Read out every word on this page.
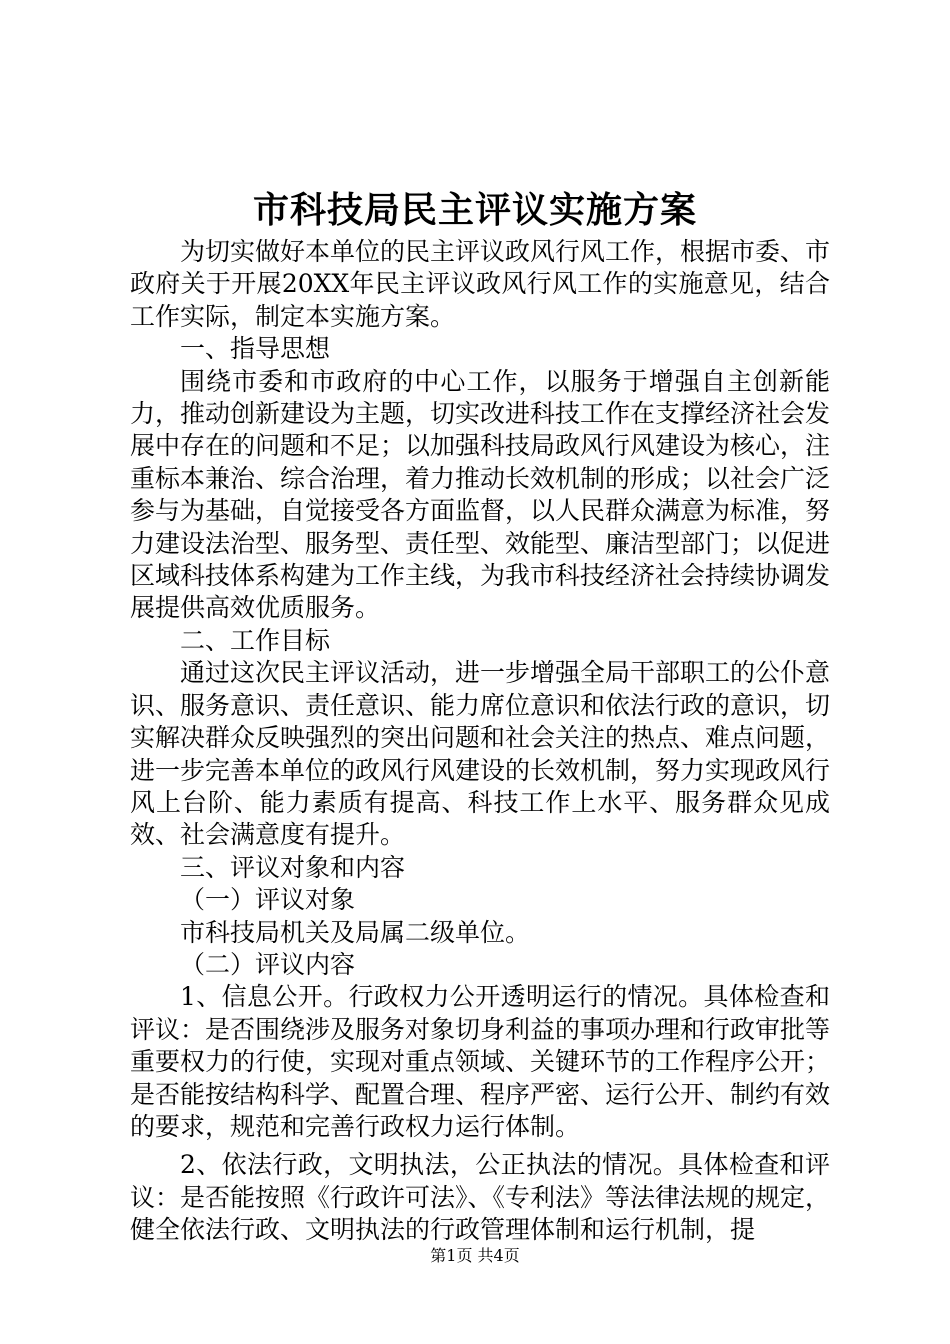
市科技局民主评议实施方案

为切实做好本单位的民主评议政风行风工作，根据市委、市政府关于开展20XX年民主评议政风行风工作的实施意见，结合工作实际，制定本实施方案。

一、指导思想

围绕市委和市政府的中心工作，以服务于增强自主创新能力，推动创新建设为主题，切实改进科技工作在支撑经济社会发展中存在的问题和不足；以加强科技局政风行风建设为核心，注重标本兼治、综合治理，着力推动长效机制的形成；以社会广泛参与为基础，自觉接受各方面监督，以人民群众满意为标准，努力建设法治型、服务型、责任型、效能型、廉洁型部门；以促进区域科技体系构建为工作主线，为我市科技经济社会持续协调发展提供高效优质服务。

二、工作目标

通过这次民主评议活动，进一步增强全局干部职工的公仆意识、服务意识、责任意识、能力席位意识和依法行政的意识，切实解决群众反映强烈的突出问题和社会关注的热点、难点问题，进一步完善本单位的政风行风建设的长效机制，努力实现政风行风上台阶、能力素质有提高、科技工作上水平、服务群众见成效、社会满意度有提升。

三、评议对象和内容

（一）评议对象

市科技局机关及局属二级单位。

（二）评议内容

1、信息公开。行政权力公开透明运行的情况。具体检查和评议：是否围绕涉及服务对象切身利益的事项办理和行政审批等重要权力的行使，实现对重点领域、关键环节的工作程序公开；是否能按结构科学、配置合理、程序严密、运行公开、制约有效的要求，规范和完善行政权力运行体制。

2、依法行政，文明执法，公正执法的情况。具体检查和评议：是否能按照《行政许可法》、《专利法》等法律法规的规定，健全依法行政、文明执法的行政管理体制和运行机制，提

第1页 共4页
